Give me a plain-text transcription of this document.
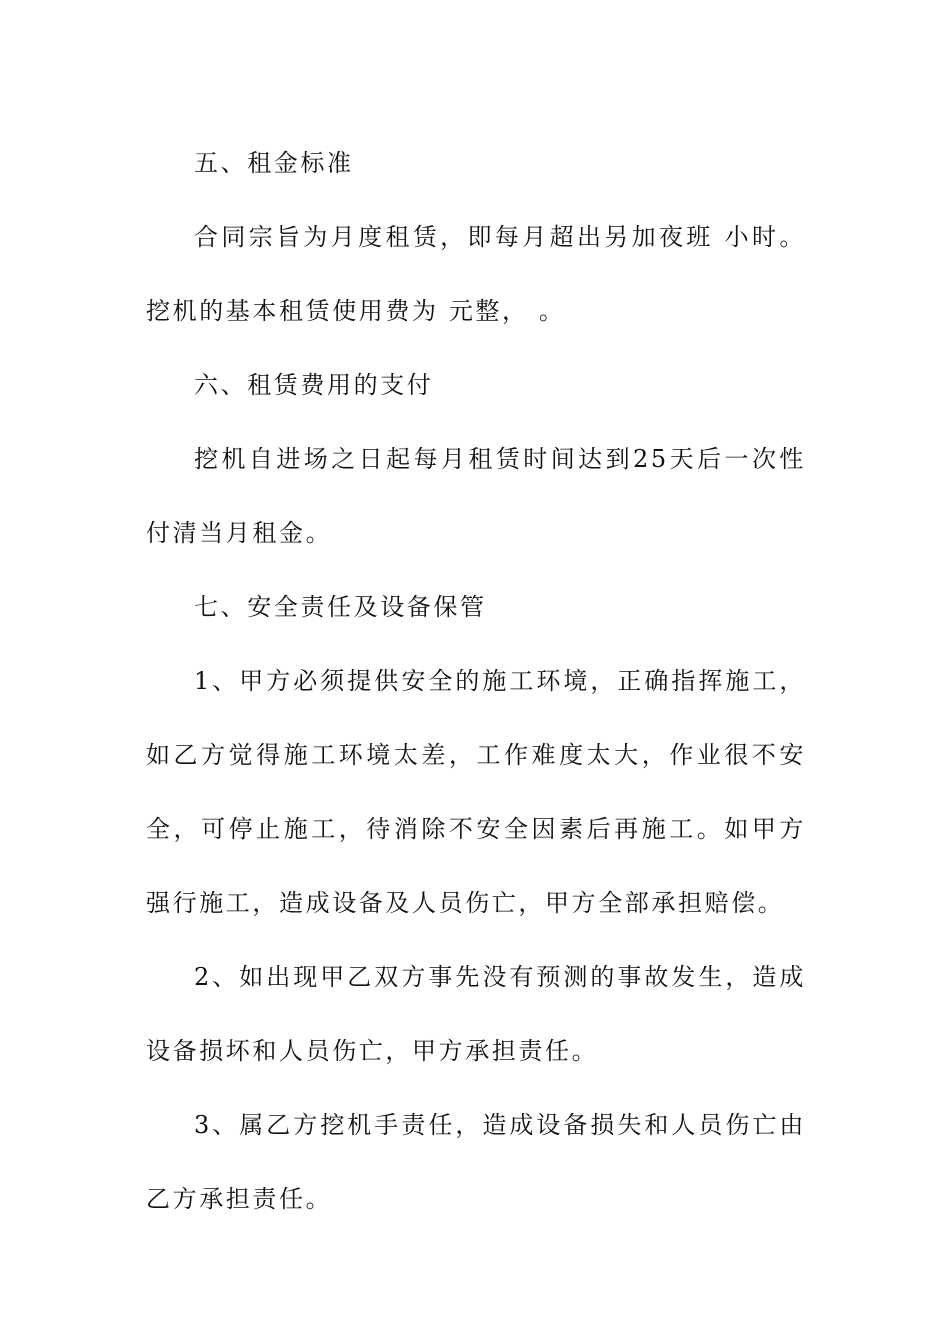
五、租金标准

合同宗旨为月度租赁，即每月超出另加夜班 小时。挖机的基本租赁使用费为 元整， 。

六、租赁费用的支付

挖机自进场之日起每月租赁时间达到25天后一次性付清当月租金。

七、安全责任及设备保管

1、甲方必须提供安全的施工环境，正确指挥施工，如乙方觉得施工环境太差，工作难度太大，作业很不安全，可停止施工，待消除不安全因素后再施工。如甲方强行施工，造成设备及人员伤亡，甲方全部承担赔偿。

2、如出现甲乙双方事先没有预测的事故发生，造成设备损坏和人员伤亡，甲方承担责任。

3、属乙方挖机手责任，造成设备损失和人员伤亡由乙方承担责任。
